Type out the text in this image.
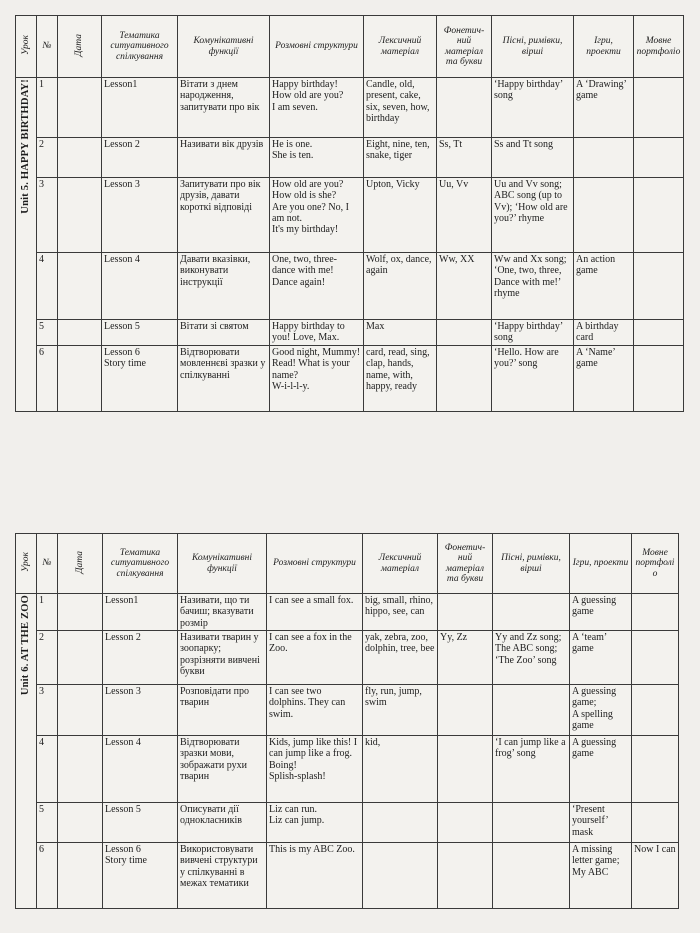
Урок	№	Дата	Тематика ситуативного спілкування	Комунікативні функції	Розмовні структури	Лексичний матеріал	Фонетич-
ний
матеріал
та букви	Пісні, римівки, вірші	Ігри, проекти	Мовне портфоліо
Unit 5. HAPPY BIRTHDAY!	1		Lesson1	Вітати з днем народження, запитувати про вік	Happy birthday!
How old are you?
I am seven.	Candle, old, present, cake, six, seven, how, birthday		‘Happy birthday’ song	A ‘Drawing’ game	
	2		Lesson 2	Називати вік друзів	He is one.
She is ten.	Eight, nine, ten, snake, tiger	Ss, Tt	Ss and Tt song		
	3		Lesson 3	Запитувати про вік друзів, давати короткі відповіді	How old are you?
How old is she?
Are you one? No, I am not.
It's my birthday!	Upton, Vicky	Uu, Vv	Uu and Vv song; ABC song (up to Vv); ‘How old are you?’ rhyme		
	4		Lesson 4	Давати вказівки, виконувати інструкції	One, two, three- dance with me!
Dance again!	Wolf, ox, dance, again	Ww, XX	Ww and Xx song; ‘One, two, three, Dance with me!’ rhyme	An action game	
	5		Lesson 5	Вітати зі святом	Happy birthday to you! Love, Max.	Max		‘Happy birthday’ song	A birthday card	
	6		Lesson 6
Story time	Відтворювати мовленнєві зразки у спілкуванні	Good night, Mummy!
Read! What is your name?
W-i-l-l-y.	card, read, sing, clap, hands, name, with, happy, ready		‘Hello. How are you?’ song	A ‘Name’ game	
Урок	№	Дата	Тематика ситуативного спілкування	Комунікативні функції	Розмовні структури	Лексичний матеріал	Фонетич-
ний
матеріал
та букви	Пісні, римівки, вірші	Ігри, проекти	Мовне портфоліо
Unit 6. AT THE ZOO	1		Lesson1	Називати, що ти бачиш; вказувати розмір	I can see a small fox.	big, small, rhino, hippo, see, can			A guessing game	
	2		Lesson 2	Називати тварин у зоопарку; розрізняти вивчені букви	I can see a fox in the Zoo.	yak, zebra, zoo, dolphin, tree, bee	Yy, Zz	Yy and Zz song;
The ABC song;
‘The Zoo’ song	A ‘team’ game	
	3		Lesson 3	Розповідати про тварин	I can see two dolphins. They can swim.	fly, run, jump, swim			A guessing game;
A spelling game	
	4		Lesson 4	Відтворювати зразки мови, зображати рухи тварин	Kids, jump like this! I can jump like a frog.
Boing!
Splish-splash!	kid,		‘I can jump like a frog’ song	A guessing game	
	5		Lesson 5	Описувати дії однокласників	Liz can run.
Liz can jump.				‘Present yourself’ mask	
	6		Lesson 6
Story time	Використовувати вивчені структури у спілкуванні в межах тематики	This is my ABC Zoo.				A missing letter game;
My ABC	Now I can
